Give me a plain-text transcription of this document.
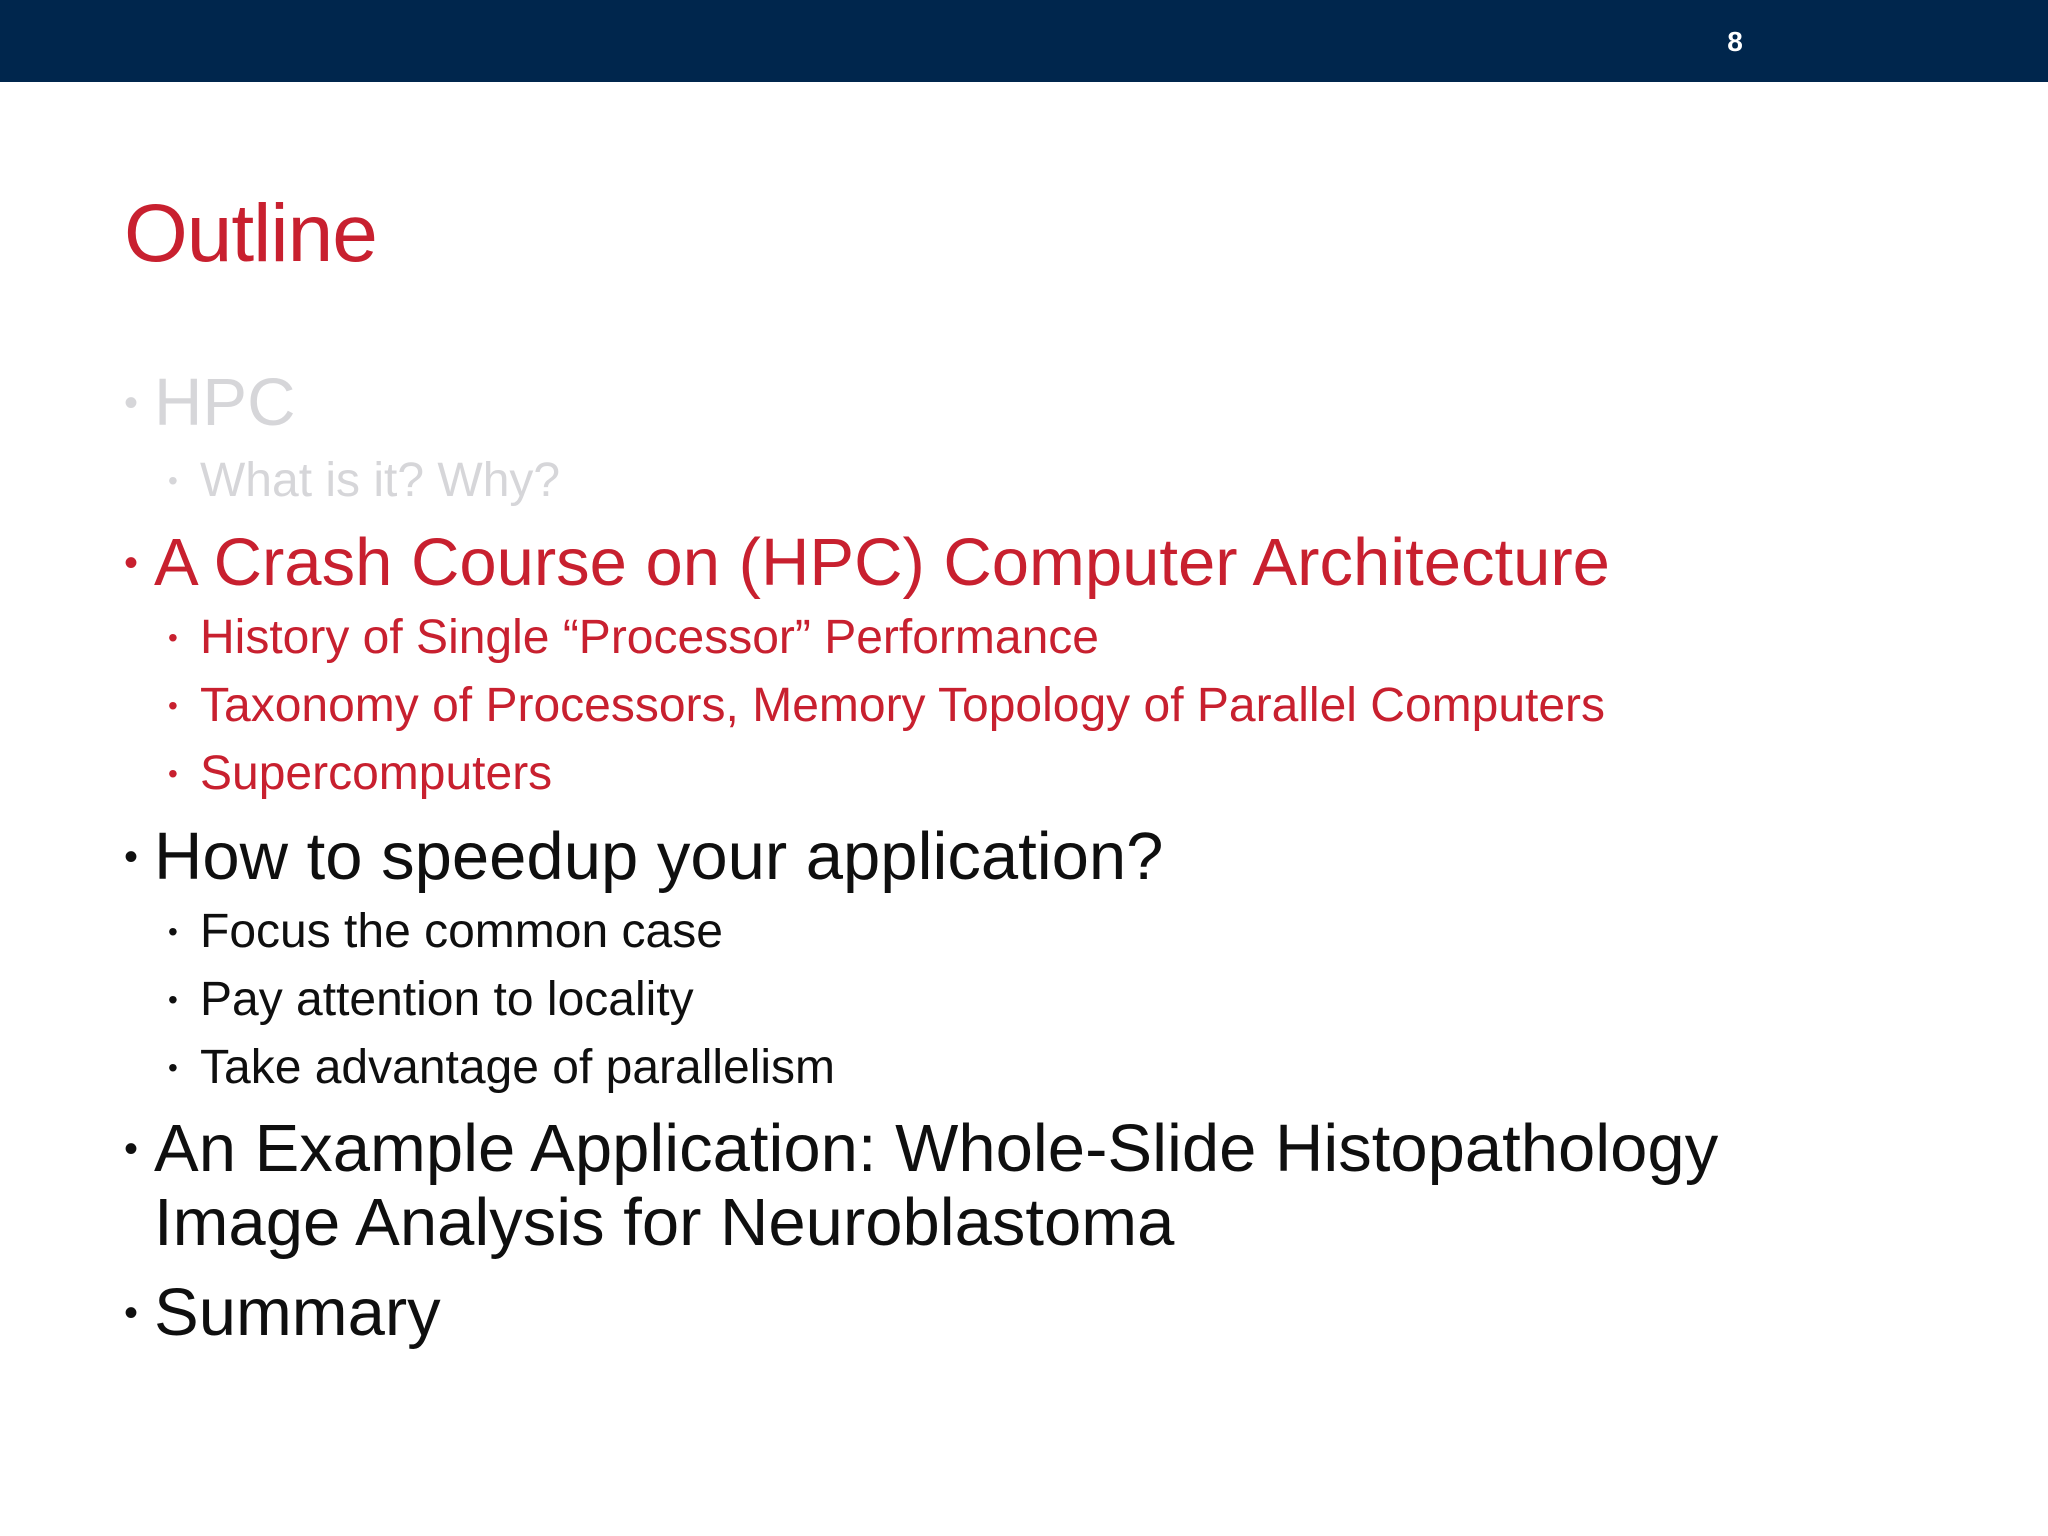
8
Outline
• HPC
• What is it? Why?
• A Crash Course on (HPC) Computer Architecture
• History of Single “Processor” Performance
• Taxonomy of Processors, Memory Topology of Parallel Computers
• Supercomputers
• How to speedup your application?
• Focus the common case
• Pay attention to locality
• Take advantage of parallelism
• An Example Application: Whole-Slide Histopathology
Image Analysis for Neuroblastoma
• Summary
